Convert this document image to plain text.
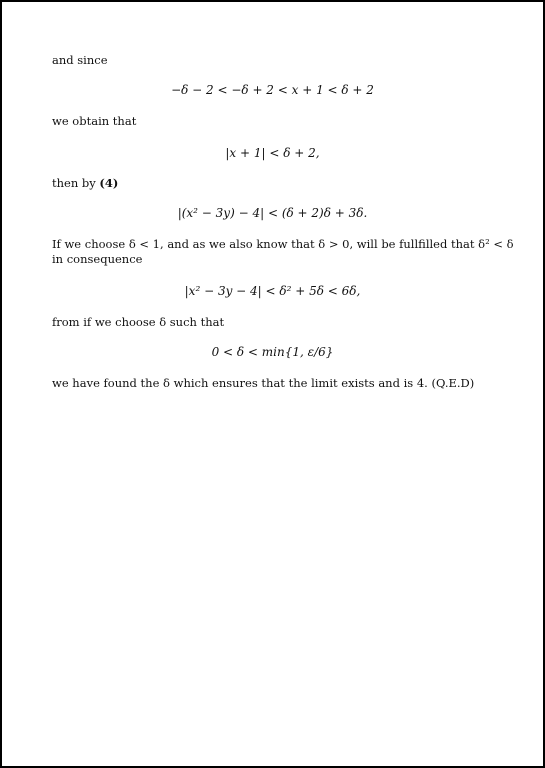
and since
−δ − 2 < −δ + 2 < x + 1 < δ + 2
we obtain that
|x + 1| < δ + 2,
then by (4)
|(x² − 3y) − 4| < (δ + 2)δ + 3δ.
If we choose δ < 1, and as we also know that δ > 0, will be fullfilled that δ² < δ
in consequence
|x² − 3y − 4| < δ² + 5δ < 6δ,
from if we choose δ such that
0 < δ < min{1, ε/6}
we have found the δ which ensures that the limit exists and is 4. (Q.E.D)
